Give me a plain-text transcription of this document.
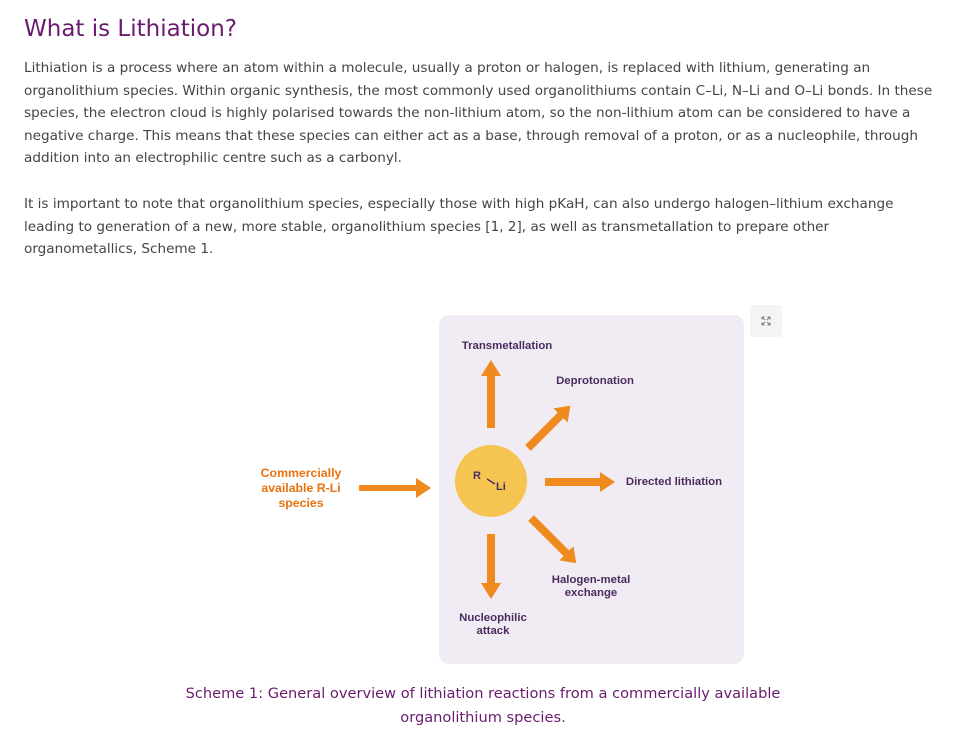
What is Lithiation?

Lithiation is a process where an atom within a molecule, usually a proton or halogen, is replaced with lithium, generating an organolithium species. Within organic synthesis, the most commonly used organolithiums contain C–Li, N–Li and O–Li bonds. In these species, the electron cloud is highly polarised towards the non-lithium atom, so the non-lithium atom can be considered to have a negative charge. This means that these species can either act as a base, through removal of a proton, or as a nucleophile, through addition into an electrophilic centre such as a carbonyl.

It is important to note that organolithium species, especially those with high pKaH, can also undergo halogen–lithium exchange leading to generation of a new, more stable, organolithium species [1, 2], as well as transmetallation to prepare other organometallics, Scheme 1.

R
Li
Transmetallation
Deprotonation
Directed lithiation
Halogen-metal exchange
Nucleophilic attack
Commercially available R-Li species
Scheme 1: General overview of lithiation reactions from a commercially available organolithium species.
